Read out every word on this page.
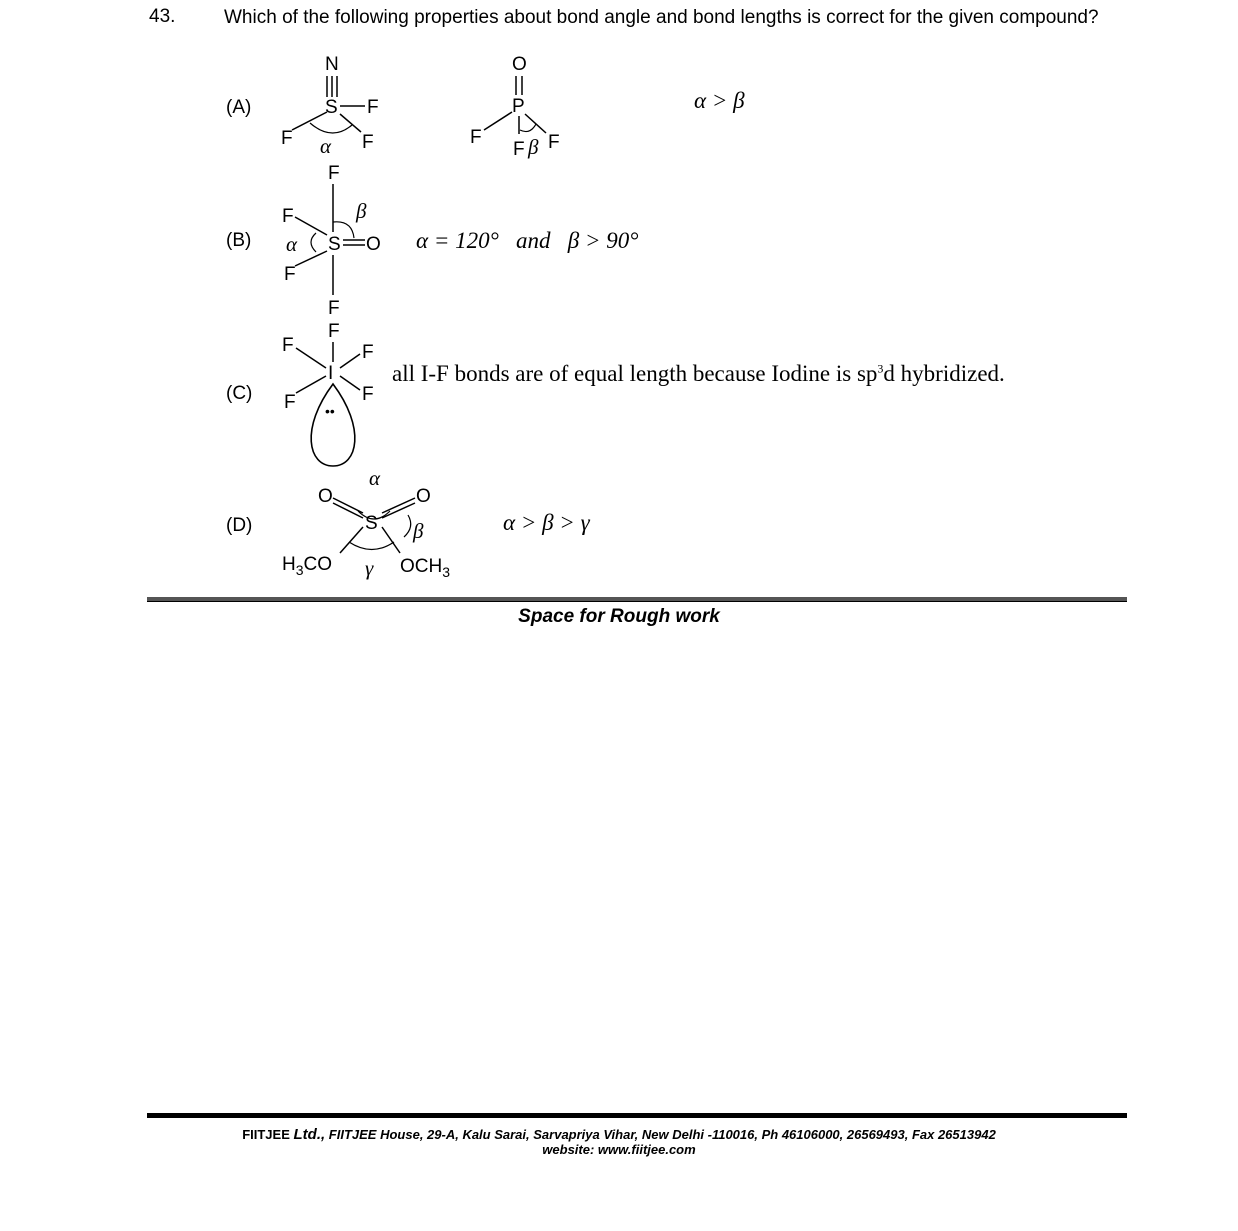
43.	Which of the following properties about bond angle and bond lengths is correct for the given compound?
(A)
N
S F
F	F
α
O
P
F
F F
β
α > β
(B)
F
F
S O
F
F
α
β
α = 120° and β > 90°
(C)
F
F	F
I
F	F
••
all I-F bonds are of equal length because Iodine is $sp^3d$ hybridized.
(D)
α
O	O
S β
$H_3CO$ γ $OCH_3$
α > β > γ
Space for Rough work
FIITJEE Ltd., FIITJEE House, 29-A, Kalu Sarai, Sarvapriya Vihar, New Delhi -110016, Ph 46106000, 26569493, Fax 26513942
website: www.fiitjee.com
